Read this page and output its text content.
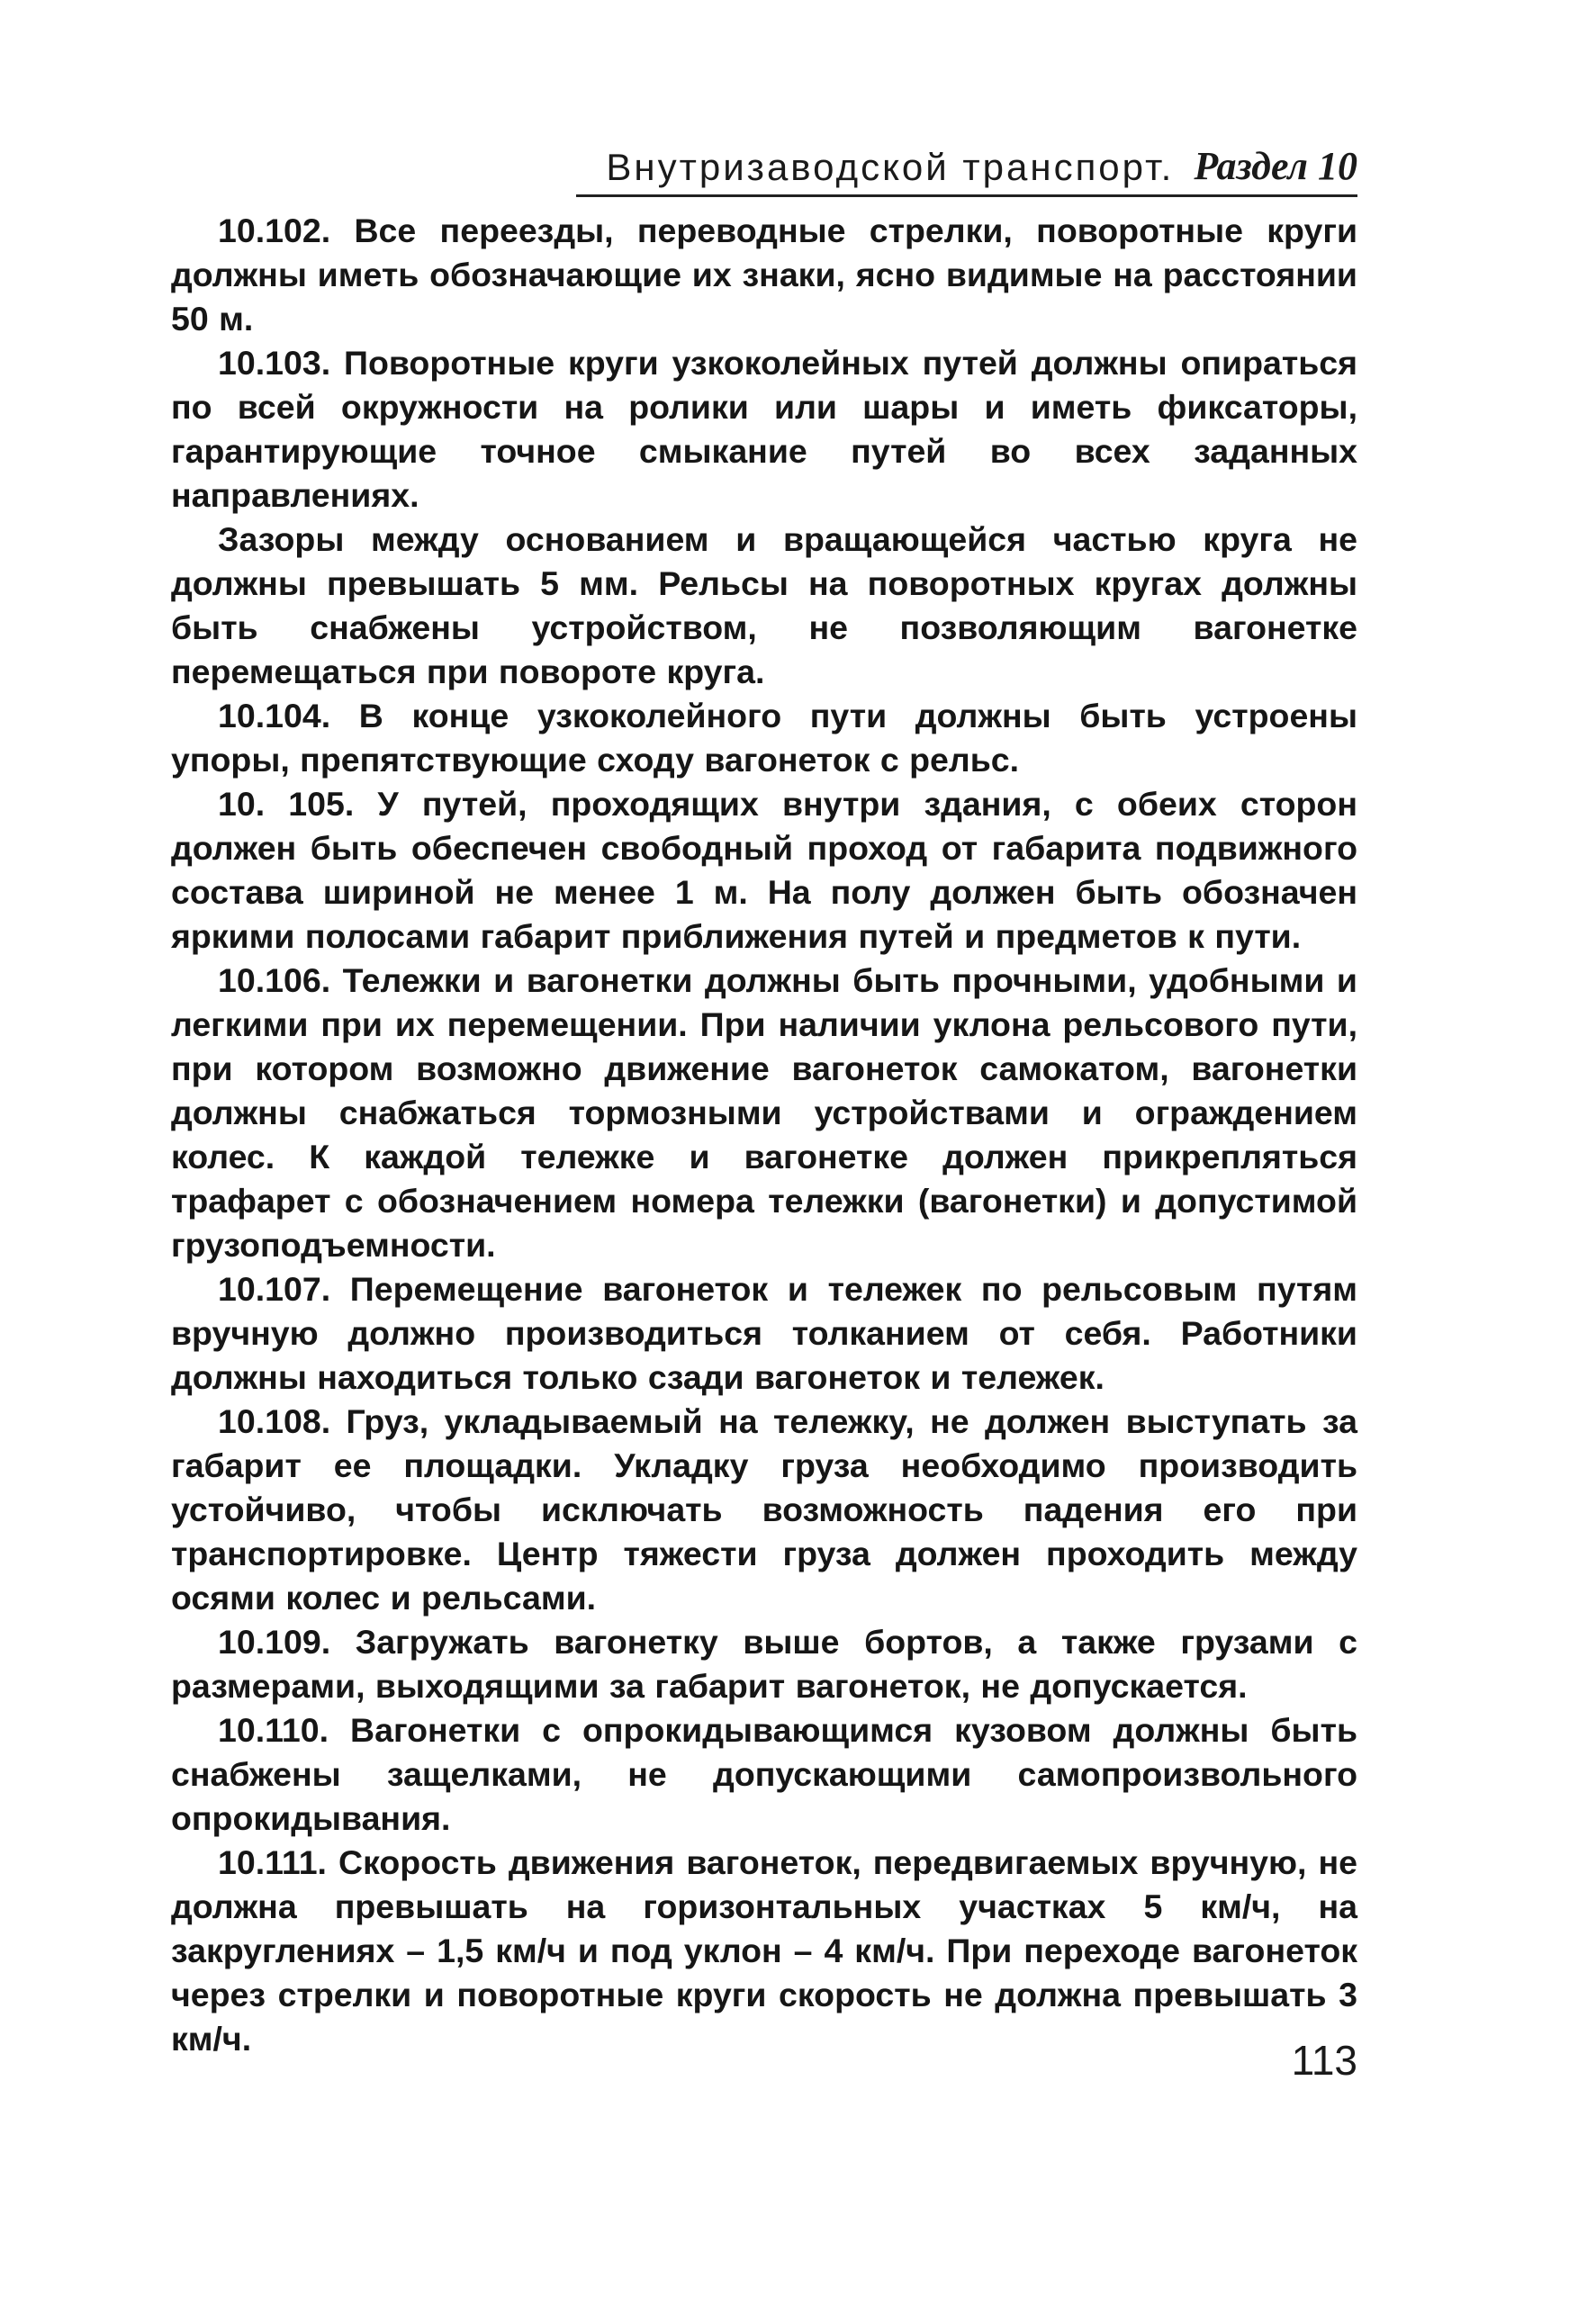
Внутризаводской транспорт. Раздел 10

10.102. Все переезды, переводные стрелки, поворотные круги должны иметь обозначающие их знаки, ясно видимые на расстоянии 50 м.

10.103. Поворотные круги узкоколейных путей должны опираться по всей окружности на ролики или шары и иметь фиксаторы, гарантирующие точное смыкание путей во всех заданных направлениях.

Зазоры между основанием и вращающейся частью круга не должны превышать 5 мм. Рельсы на поворотных кругах должны быть снабжены устройством, не позволяющим вагонетке перемещаться при повороте круга.

10.104. В конце узкоколейного пути должны быть устроены упоры, препятствующие сходу вагонеток с рельс.

10. 105. У путей, проходящих внутри здания, с обеих сторон должен быть обеспечен свободный проход от габарита подвижного состава шириной не менее 1 м. На полу должен быть обозначен яркими полосами габарит приближения путей и предметов к пути.

10.106. Тележки и вагонетки должны быть прочными, удобными и легкими при их перемещении. При наличии уклона рельсового пути, при котором возможно движение вагонеток самокатом, вагонетки должны снабжаться тормозными устройствами и ограждением колес. К каждой тележке и вагонетке должен прикрепляться трафарет с обозначением номера тележки (вагонетки) и допустимой грузоподъемности.

10.107. Перемещение вагонеток и тележек по рельсовым путям вручную должно производиться толканием от себя. Работники должны находиться только сзади вагонеток и тележек.

10.108. Груз, укладываемый на тележку, не должен выступать за габарит ее площадки. Укладку груза необходимо производить устойчиво, чтобы исключать возможность падения его при транспортировке. Центр тяжести груза должен проходить между осями колес и рельсами.

10.109. Загружать вагонетку выше бортов, а также грузами с размерами, выходящими за габарит вагонеток, не допускается.

10.110. Вагонетки с опрокидывающимся кузовом должны быть снабжены защелками, не допускающими самопроизвольного опрокидывания.

10.111. Скорость движения вагонеток, передвигаемых вручную, не должна превышать на горизонтальных участках 5 км/ч, на закруглениях – 1,5 км/ч и под уклон – 4 км/ч. При переходе вагонеток через стрелки и поворотные круги скорость не должна превышать 3 км/ч.	113
